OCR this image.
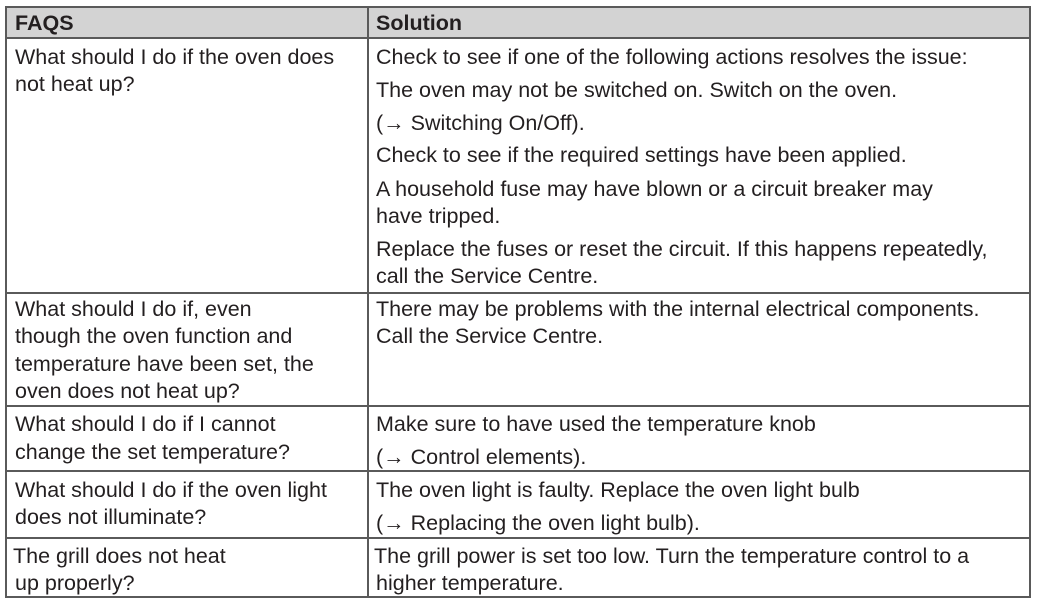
FAQS	Solution
What should I do if the oven does
not heat up?
Check to see if one of the following actions resolves the issue:
The oven may not be switched on. Switch on the oven.
(→ Switching On/Off).
Check to see if the required settings have been applied.
A household fuse may have blown or a circuit breaker may
have tripped.
Replace the fuses or reset the circuit. If this happens repeatedly,
call the Service Centre.
What should I do if, even
though the oven function and
temperature have been set, the
oven does not heat up?
There may be problems with the internal electrical components.
Call the Service Centre.
What should I do if I cannot
change the set temperature?
Make sure to have used the temperature knob
(→ Control elements).
What should I do if the oven light
does not illuminate?
The oven light is faulty. Replace the oven light bulb
(→ Replacing the oven light bulb).
The grill does not heat
up properly?
The grill power is set too low. Turn the temperature control to a
higher temperature.
